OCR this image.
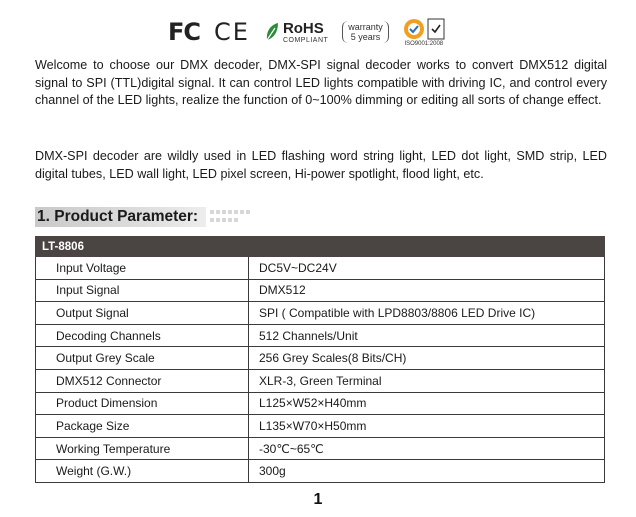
FC CE RoHS
COMPLIANT
warranty
5 years
ISO9001:2008

Welcome to choose our DMX decoder, DMX-SPI signal decoder works to convert DMX512 digital signal to SPI (TTL)digital signal. It can control LED lights compatible with driving IC, and control every channel of the LED lights, realize the function of 0~100% dimming or editing all sorts of change effect.

DMX-SPI decoder are wildly used in LED flashing word string light, LED dot light, SMD strip, LED digital tubes, LED wall light, LED pixel screen, Hi-power spotlight, flood light, etc.

1. Product Parameter:
LT-8806	
Input Voltage	DC5V~DC24V
Input Signal	DMX512
Output Signal	SPI ( Compatible with LPD8803/8806 LED Drive IC)
Decoding Channels	512 Channels/Unit
Output Grey Scale	256 Grey Scales(8 Bits/CH)
DMX512 Connector	XLR-3, Green Terminal
Product Dimension	L125×W52×H40mm
Package Size	L135×W70×H50mm
Working Temperature	-30℃~65℃
Weight (G.W.)	300g
1
